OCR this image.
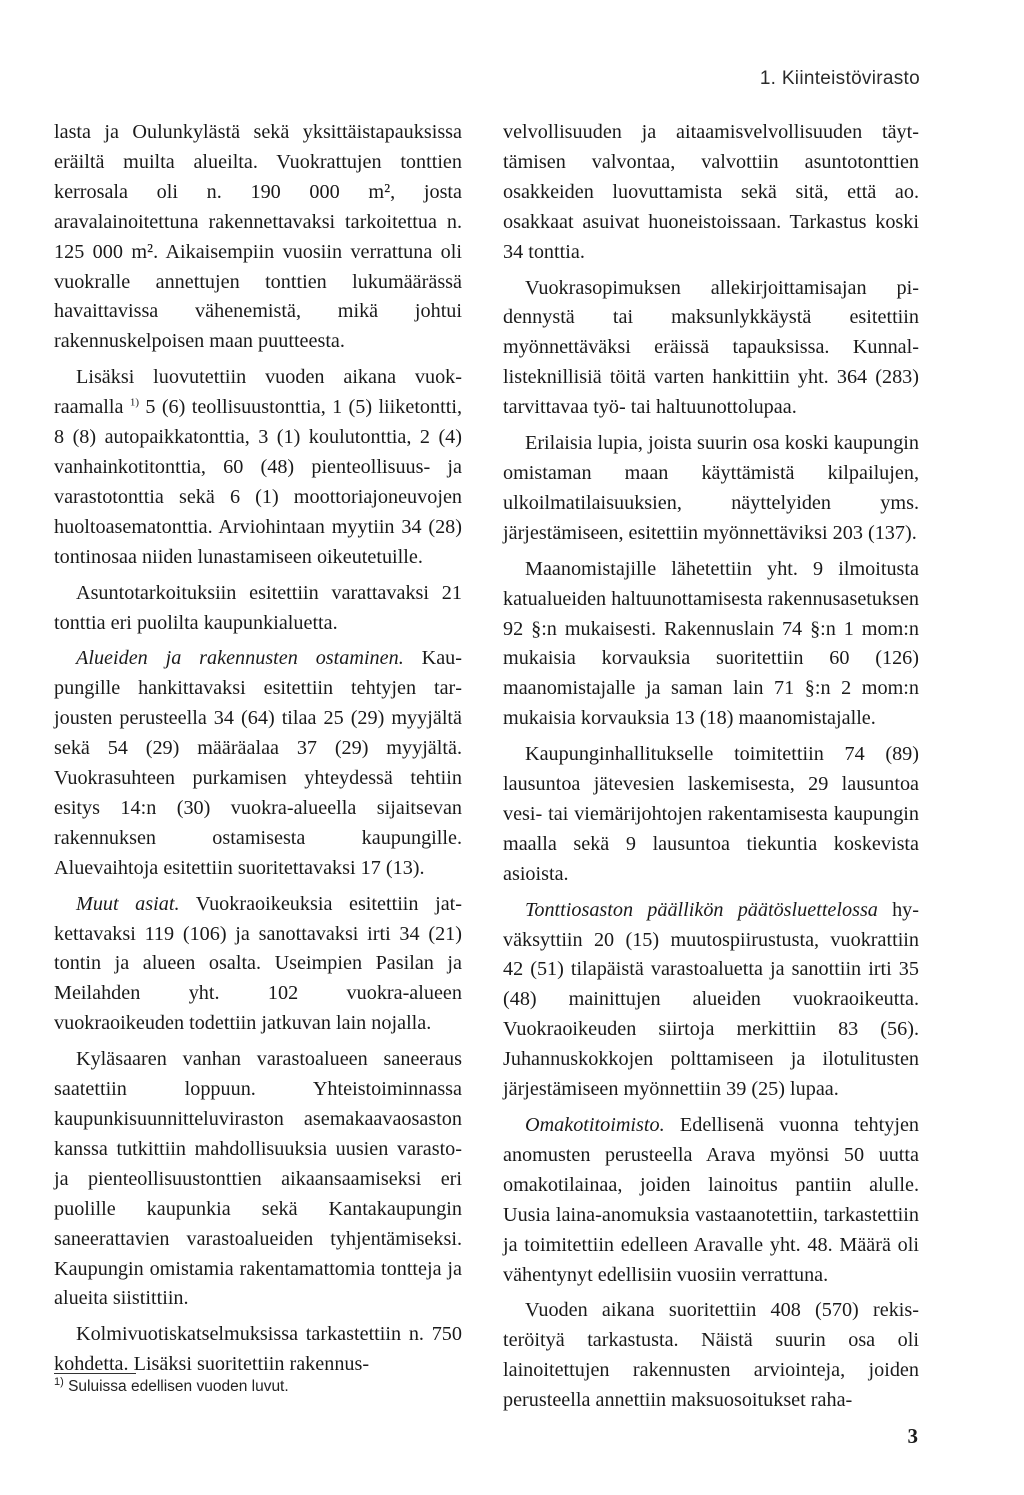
1. Kiinteistövirasto

lasta ja Oulunkylästä sekä yksittäistapauksissa eräiltä muilta alueilta. Vuokrattujen tonttien kerrosala oli n. 190 000 m², josta aravalainoitettuna rakennettavaksi tarkoitettua n. 125 000 m². Aikaisempiin vuosiin verrattuna oli vuokralle annettujen tonttien lukumäärässä havaittavissa vähenemistä, mikä johtui rakennuskelpoisen maan puutteesta.

Lisäksi luovutettiin vuoden aikana vuokraamalla $^{1)}$ 5 (6) teollisuustonttia, 1 (5) liiketontti, 8 (8) autopaikkatonttia, 3 (1) koulutonttia, 2 (4) vanhainkotitonttia, 60 (48) pienteollisuus- ja varastotonttia sekä 6 (1) moottoriajoneuvojen huoltoasematonttia. Arviohintaan myytiin 34 (28) tontinosaa niiden lunastamiseen oikeutetuille.

Asuntotarkoituksiin esitettiin varattavaksi 21 tonttia eri puolilta kaupunkialuetta.

Alueiden ja rakennusten ostaminen. Kaupungille hankittavaksi esitettiin tehtyjen tarjousten perusteella 34 (64) tilaa 25 (29) myyjältä sekä 54 (29) määräalaa 37 (29) myyjältä. Vuokrasuhteen purkamisen yhteydessä tehtiin esitys 14:n (30) vuokra-alueella sijaitsevan rakennuksen ostamisesta kaupungille. Aluevaihtoja esitettiin suoritettavaksi 17 (13).

Muut asiat. Vuokraoikeuksia esitettiin jatkettavaksi 119 (106) ja sanottavaksi irti 34 (21) tontin ja alueen osalta. Useimpien Pasilan ja Meilahden yht. 102 vuokra-alueen vuokraoikeuden todettiin jatkuvan lain nojalla.

Kyläsaaren vanhan varastoalueen saneeraus saatettiin loppuun. Yhteistoiminnassa kaupunkisuunnitteluviraston asemakaavaosaston kanssa tutkittiin mahdollisuuksia uusien varasto- ja pienteollisuustonttien aikaansaamiseksi eri puolille kaupunkia sekä Kantakaupungin saneerattavien varastoalueiden tyhjentämiseksi. Kaupungin omistamia rakentamattomia tontteja ja alueita siistittiin.

Kolmivuotiskatselmuksissa tarkastettiin n. 750 kohdetta. Lisäksi suoritettiin rakennus-

$^{1)}$ Suluissa edellisen vuoden luvut.

velvollisuuden ja aitaamisvelvollisuuden täyttämisen valvontaa, valvottiin asuntotonttien osakkeiden luovuttamista sekä sitä, että ao. osakkaat asuivat huoneistoissaan. Tarkastus koski 34 tonttia.

Vuokrasopimuksen allekirjoittamisajan pidennystä tai maksunlykkäystä esitettiin myönnettäväksi eräissä tapauksissa. Kunnallisteknillisiä töitä varten hankittiin yht. 364 (283) tarvittavaa työ- tai haltuunottolupaa.

Erilaisia lupia, joista suurin osa koski kaupungin omistaman maan käyttämistä kilpailujen, ulkoilmatilaisuuksien, näyttelyiden yms. järjestämiseen, esitettiin myönnettäviksi 203 (137).

Maanomistajille lähetettiin yht. 9 ilmoitusta katualueiden haltuunottamisesta rakennusasetuksen 92 §:n mukaisesti. Rakennuslain 74 §:n 1 mom:n mukaisia korvauksia suoritettiin 60 (126) maanomistajalle ja saman lain 71 §:n 2 mom:n mukaisia korvauksia 13 (18) maanomistajalle.

Kaupunginhallitukselle toimitettiin 74 (89) lausuntoa jätevesien laskemisesta, 29 lausuntoa vesi- tai viemärijohtojen rakentamisesta kaupungin maalla sekä 9 lausuntoa tiekuntia koskevista asioista.

Tonttiosaston päällikön päätösluettelossa hyväksyttiin 20 (15) muutospiirustusta, vuokrattiin 42 (51) tilapäistä varastoaluetta ja sanottiin irti 35 (48) mainittujen alueiden vuokraoikeutta. Vuokraoikeuden siirtoja merkittiin 83 (56). Juhannuskokkojen polttamiseen ja ilotulitusten järjestämiseen myönnettiin 39 (25) lupaa.

Omakotitoimisto. Edellisenä vuonna tehtyjen anomusten perusteella Arava myönsi 50 uutta omakotilainaa, joiden lainoitus pantiin alulle. Uusia laina-anomuksia vastaanotettiin, tarkastettiin ja toimitettiin edelleen Aravalle yht. 48. Määrä oli vähentynyt edellisiin vuosiin verrattuna.

Vuoden aikana suoritettiin 408 (570) rekisteröityä tarkastusta. Näistä suurin osa oli lainoitettujen rakennusten arviointeja, joiden perusteella annettiin maksuosoitukset raha-

3
